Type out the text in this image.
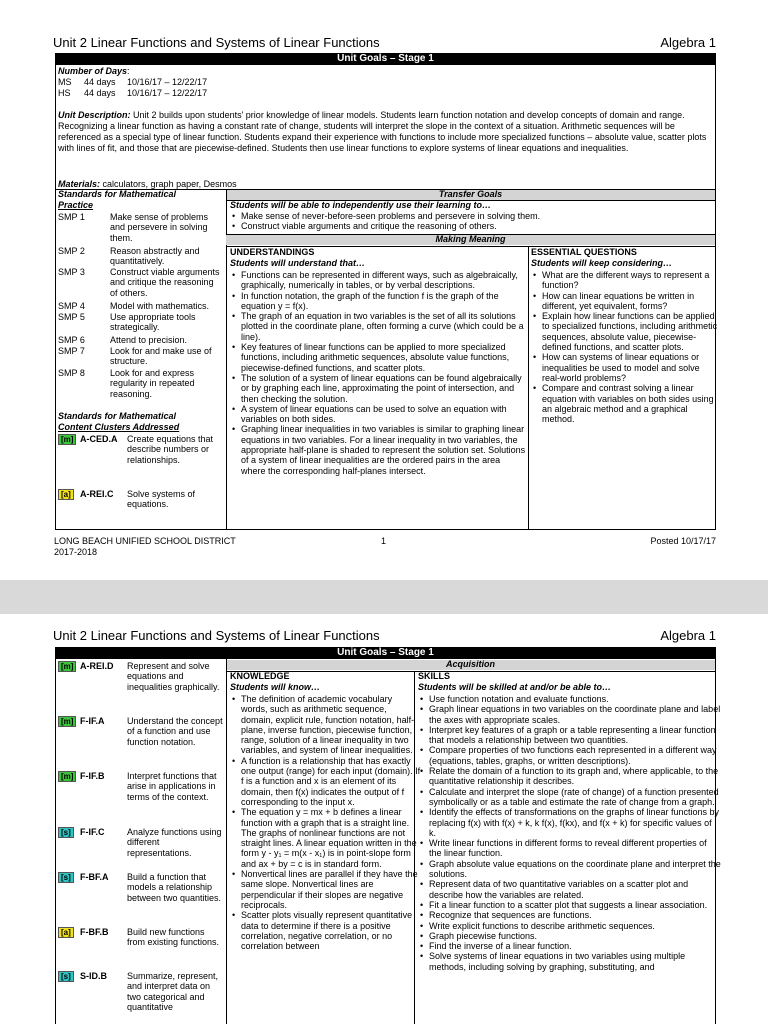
Unit 2 Linear Functions and Systems of Linear Functions	Algebra 1
Unit Goals – Stage 1
Number of Days:
MS 44 days 10/16/17 – 12/22/17
HS 44 days 10/16/17 – 12/22/17
Unit Description: Unit 2 builds upon students' prior knowledge of linear models. Students learn function notation and develop concepts of domain and range. Recognizing a linear function as having a constant rate of change, students will interpret the slope in the context of a situation. Arithmetic sequences will be referenced as a special type of linear function. Students expand their experience with functions to include more specialized functions – absolute value, scatter plots with lines of fit, and those that are piecewise-defined. Students then use linear functions to explore systems of linear equations and inequalities.
Materials: calculators, graph paper, Desmos
Transfer Goals
Standards for Mathematical
Practice
SMP 1	Make sense of problems and persevere in solving them.
SMP 2	Reason abstractly and quantitatively.
SMP 3	Construct viable arguments and critique the reasoning of others.
SMP 4	Model with mathematics.
SMP 5	Use appropriate tools strategically.
SMP 6	Attend to precision.
SMP 7	Look for and make use of structure.
SMP 8	Look for and express regularity in repeated reasoning.
Standards for Mathematical
Content Clusters Addressed
[m] A-CED.A Create equations that describe numbers or relationships.
[a]	A-REI.C Solve systems of equations.
Students will be able to independently use their learning to…
• Make sense of never-before-seen problems and persevere in solving them.
• Construct viable arguments and critique the reasoning of others.
Making Meaning
UNDERSTANDINGS
Students will understand that…
• Functions can be represented in different ways, such as algebraically, graphically, numerically in tables, or by verbal descriptions.
• In function notation, the graph of the function f is the graph of the equation y = f(x).
• The graph of an equation in two variables is the set of all its solutions plotted in the coordinate plane, often forming a curve (which could be a line).
• Key features of linear functions can be applied to more specialized functions, including arithmetic sequences, absolute value functions, piecewise-defined functions, and scatter plots.
• The solution of a system of linear equations can be found algebraically or by graphing each line, approximating the point of intersection, and then checking the solution.
• A system of linear equations can be used to solve an equation with variables on both sides.
• Graphing linear inequalities in two variables is similar to graphing linear equations in two variables. For a linear inequality in two variables, the appropriate half-plane is shaded to represent the solution set. Solutions of a system of linear inequalities are the ordered pairs in the area where the corresponding half-planes intersect.
ESSENTIAL QUESTIONS
Students will keep considering…
• What are the different ways to represent a function?
• How can linear equations be written in different, yet equivalent, forms?
• Explain how linear functions can be applied to specialized functions, including arithmetic sequences, absolute value, piecewise-defined functions, and scatter plots.
• How can systems of linear equations or inequalities be used to model and solve real-world problems?
• Compare and contrast solving a linear equation with variables on both sides using an algebraic method and a graphical method.
LONG BEACH UNIFIED SCHOOL DISTRICT
2017-2018
1	Posted 10/17/17
Unit 2 Linear Functions and Systems of Linear Functions	Algebra 1
Unit Goals – Stage 1
Acquisition
[m] A-REI.D Represent and solve equations and inequalities graphically.
[m] F-IF.A	Understand the concept of a function and use function notation.
[m] F-IF.B	Interpret functions that arise in applications in terms of the context.
[s]	F-IF.C	Analyze functions using different representations.
[s]	F-BF.A Build a function that models a relationship between two quantities.
[a]	F-BF.B Build new functions from existing functions.
[s]	S-ID.B Summarize, represent, and interpret data on two categorical and quantitative
KNOWLEDGE
Students will know…
• The definition of academic vocabulary words, such as arithmetic sequence, domain, explicit rule, function notation, half-plane, inverse function, piecewise function, range, solution of a linear inequality in two variables, and system of linear inequalities.
• A function is a relationship that has exactly one output (range) for each input (domain). If f is a function and x is an element of its domain, then f(x) indicates the output of f corresponding to the input x.
• The equation y = mx + b defines a linear function with a graph that is a straight line. The graphs of nonlinear functions are not straight lines. A linear equation written in the form y - y₁ = m(x - x₁) is in point-slope form and ax + by = c is in standard form.
• Nonvertical lines are parallel if they have the same slope. Nonvertical lines are perpendicular if their slopes are negative reciprocals.
• Scatter plots visually represent quantitative data to determine if there is a positive correlation, negative correlation, or no correlation between
SKILLS
Students will be skilled at and/or be able to…
• Use function notation and evaluate functions.
• Graph linear equations in two variables on the coordinate plane and label the axes with appropriate scales.
• Interpret key features of a graph or a table representing a linear function that models a relationship between two quantities.
• Compare properties of two functions each represented in a different way (equations, tables, graphs, or written descriptions).
• Relate the domain of a function to its graph and, where applicable, to the quantitative relationship it describes.
• Calculate and interpret the slope (rate of change) of a function presented symbolically or as a table and estimate the rate of change from a graph.
• Identify the effects of transformations on the graphs of linear functions by replacing f(x) with f(x) + k, k f(x), f(kx), and f(x + k) for specific values of k.
• Write linear functions in different forms to reveal different properties of the linear function.
• Graph absolute value equations on the coordinate plane and interpret the solutions.
• Represent data of two quantitative variables on a scatter plot and describe how the variables are related.
• Fit a linear function to a scatter plot that suggests a linear association.
• Recognize that sequences are functions.
• Write explicit functions to describe arithmetic sequences.
• Graph piecewise functions.
• Find the inverse of a linear function.
• Solve systems of linear equations in two variables using multiple methods, including solving by graphing, substituting, and
